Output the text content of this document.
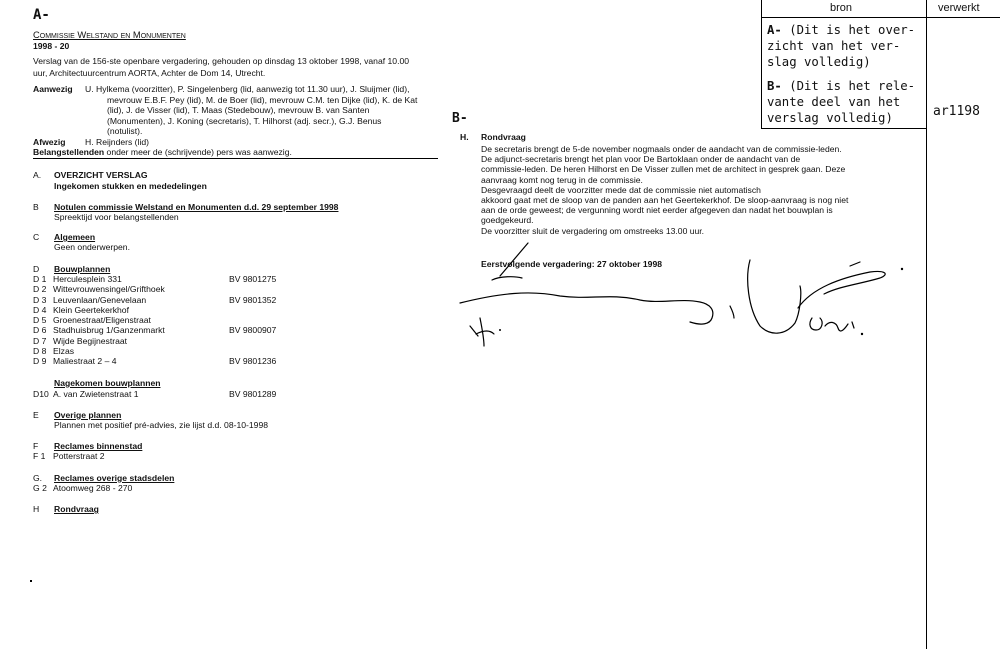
bron	verwerkt
A- (Dit is het over-
zicht van het ver-
slag volledig)
B- (Dit is het rele-
vante deel van het
verslag volledig)	ar1198
A-
Commissie Welstand en Monumenten
1998 - 20
Verslag van de 156-ste openbare vergadering, gehouden op dinsdag 13 oktober 1998, vanaf 10.00
uur, Architectuurcentrum AORTA, Achter de Dom 14, Utrecht.
Aanwezig U. Hylkema (voorzitter), P. Singelenberg (lid, aanwezig tot 11.30 uur), J. Sluijmer (lid),
mevrouw E.B.F. Pey (lid), M. de Boer (lid), mevrouw C.M. ten Dijke (lid), K. de Kat
(lid), J. de Visser (lid), T. Maas (Stedebouw), mevrouw B. van Santen
(Monumenten), J. Koning (secretaris), T. Hilhorst (adj. secr.), G.J. Benus
(notulist).
Afwezig H. Reijnders (lid)
Belangstellenden onder meer de (schrijvende) pers was aanwezig.
A. OVERZICHT VERSLAG
Ingekomen stukken en mededelingen
B Notulen commissie Welstand en Monumenten d.d. 29 september 1998
Spreektijd voor belangstellenden
C Algemeen
Geen onderwerpen.
D Bouwplannen
D 1 Herculesplein 331	BV 9801275
D 2 Wittevrouwensingel/Grifthoek
D 3 Leuvenlaan/Genevelaan	BV 9801352
D 4 Klein Geertekerkhof
D 5 Groenestraat/Eligenstraat
D 6 Stadhuisbrug 1/Ganzenmarkt	BV 9800907
D 7 Wijde Begijnestraat
D 8 Elzas
D 9 Maliestraat 2 – 4	BV 9801236
Nagekomen bouwplannen
D10 A. van Zwietenstraat 1	BV 9801289
E Overige plannen
Plannen met positief pré-advies, zie lijst d.d. 08-10-1998
F Reclames binnenstad
F 1 Potterstraat 2
G. Reclames overige stadsdelen
G 2 Atoomweg 268 - 270
H Rondvraag
B-
H. Rondvraag
De secretaris brengt de 5-de november nogmaals onder de aandacht van de commissie-leden.
De adjunct-secretaris brengt het plan voor De Bartoklaan onder de aandacht van de
commissie-leden. De heren Hilhorst en De Visser zullen met de architect in gesprek gaan. Deze
aanvraag komt nog terug in de commissie.
Desgevraagd deelt de voorzitter mede dat de commissie niet automatisch
akkoord gaat met de sloop van de panden aan het Geertekerkhof. De sloop-aanvraag is nog niet
aan de orde geweest; de vergunning wordt niet eerder afgegeven dan nadat het bouwplan is
goedgekeurd.
De voorzitter sluit de vergadering om omstreeks 13.00 uur.
Eerstvolgende vergadering: 27 oktober 1998
